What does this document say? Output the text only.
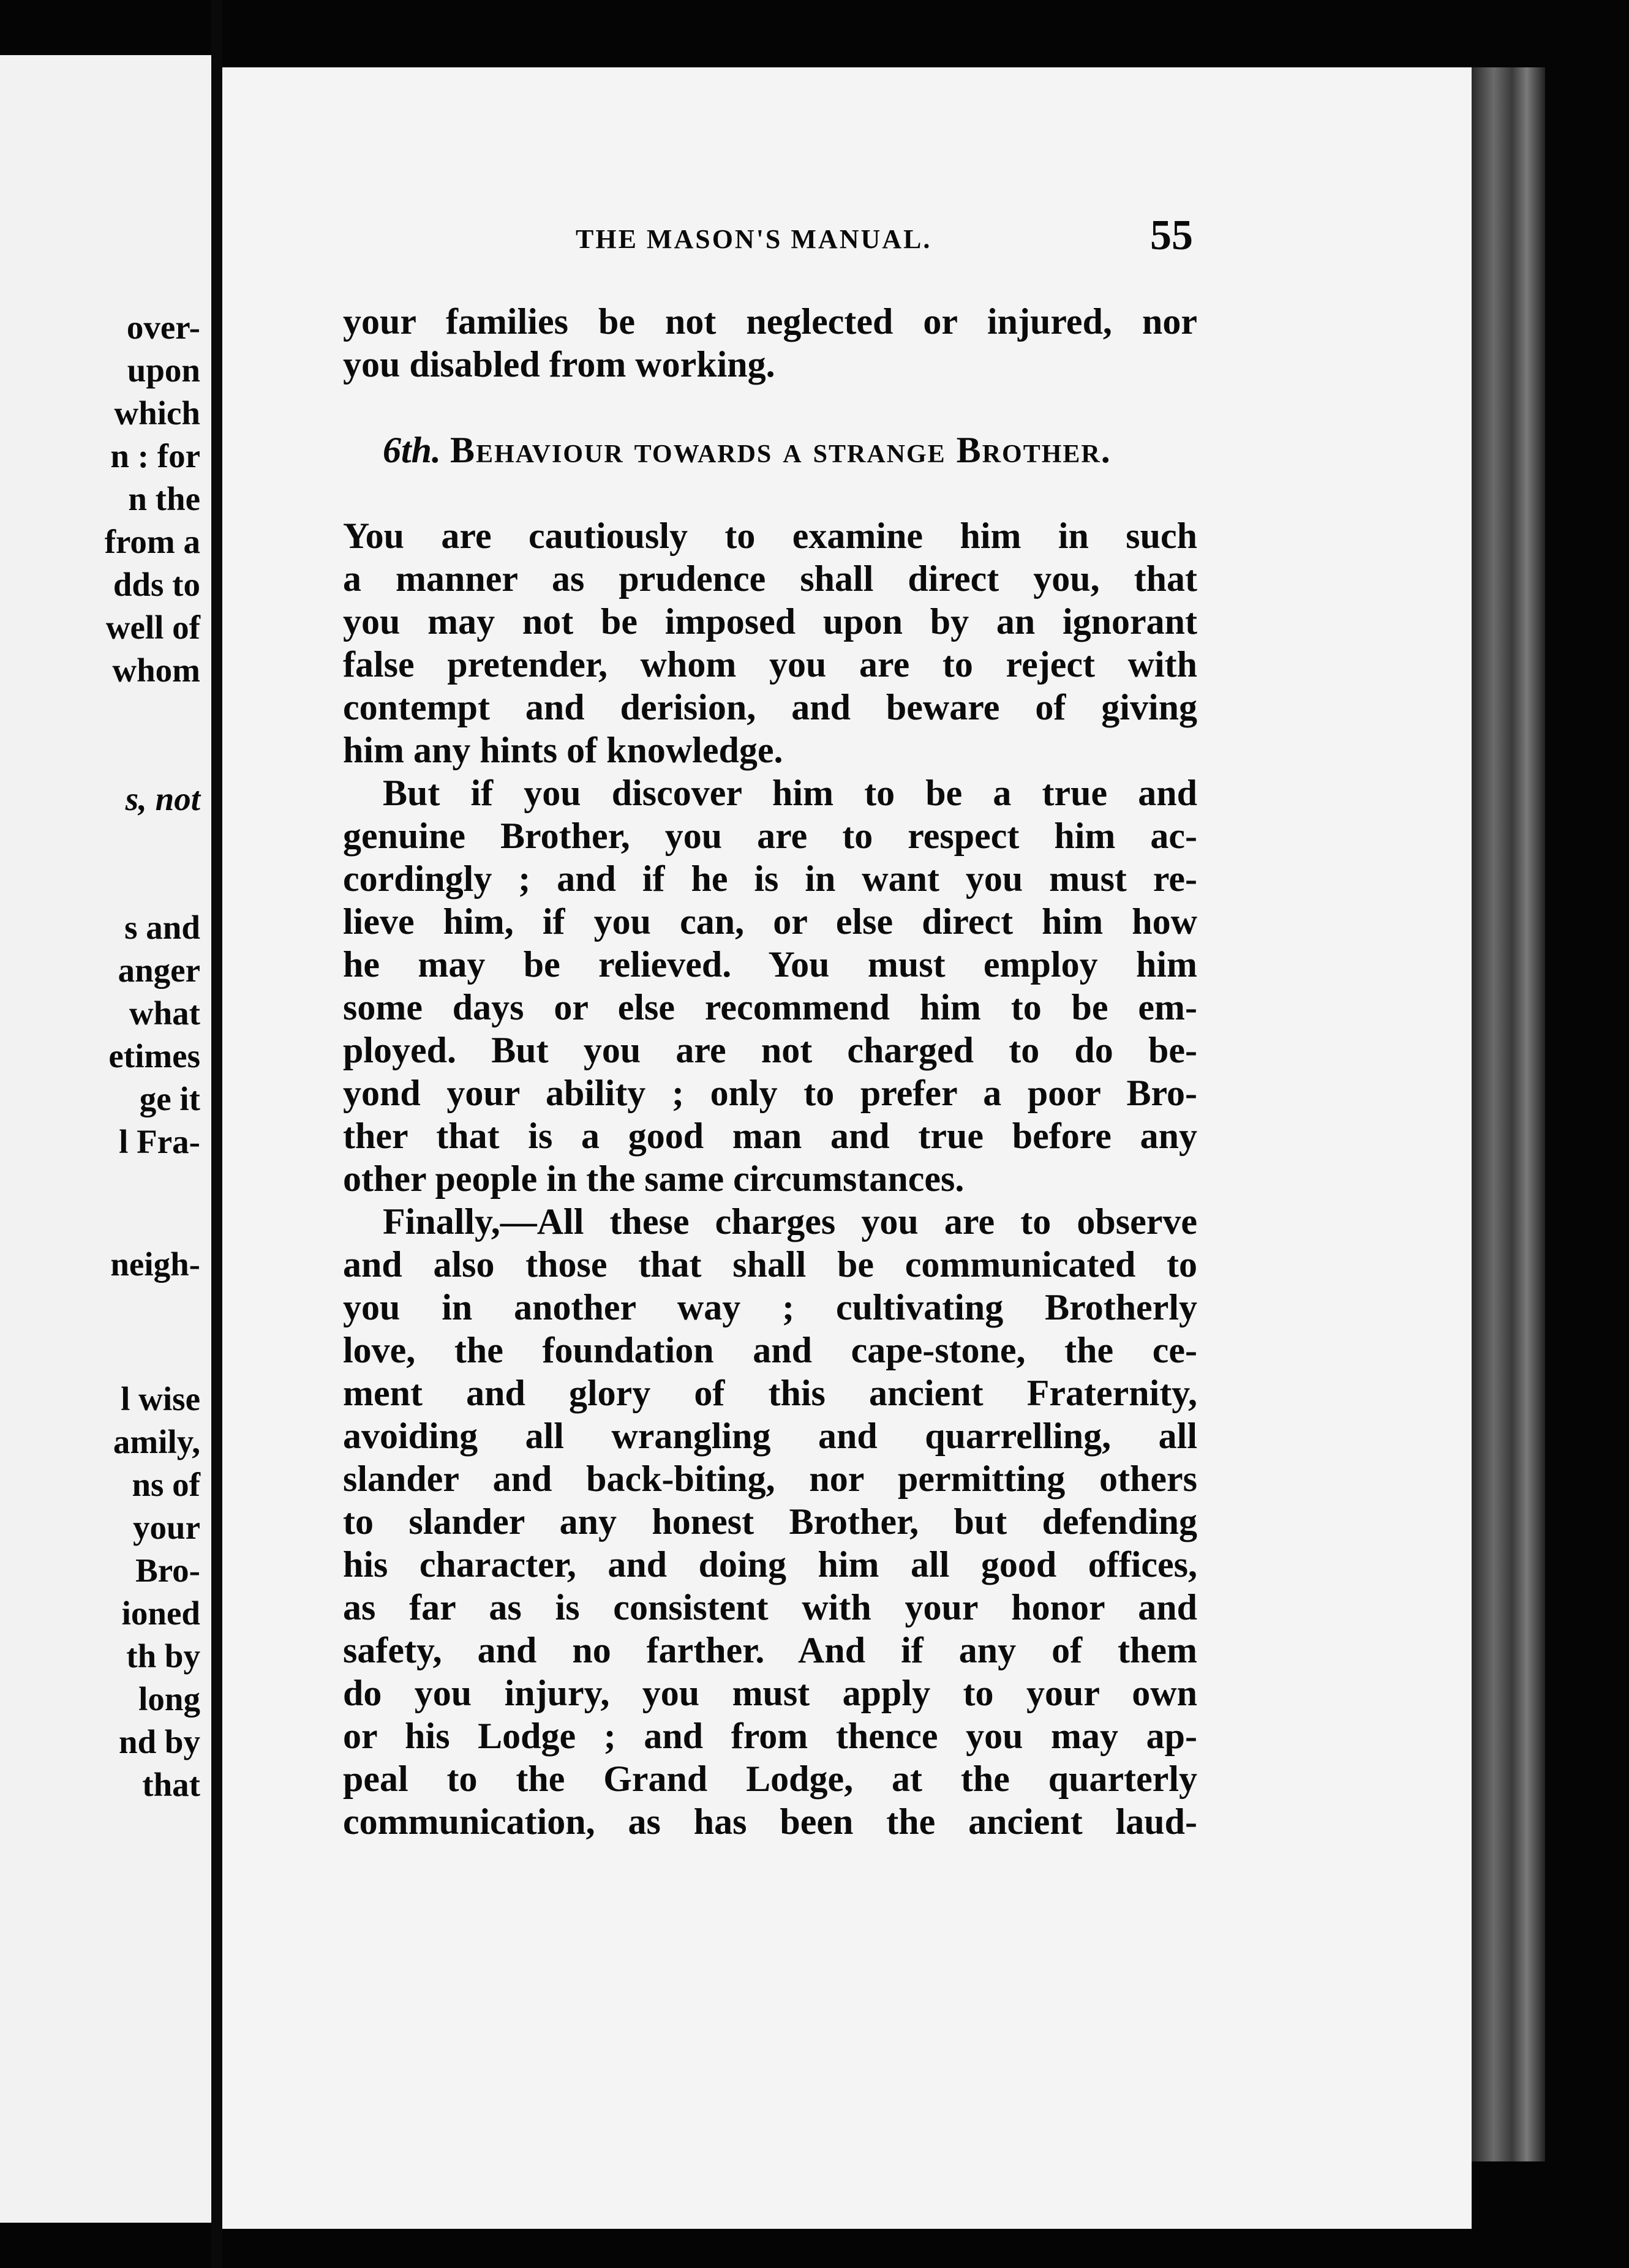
over-
upon
which
n : for
n the
from a
dds to
well of
whom
s, not
s and
anger
what
etimes
ge it
l Fra-
neigh-
l wise
amily,
ns of
your
Bro-
ioned
th by
long
nd by
that
THE MASON'S MANUAL.	55
your families be not neglected or injured, nor
you disabled from working.
6th. Behaviour towards a strange Brother.
You are cautiously to examine him in such
a manner as prudence shall direct you, that
you may not be imposed upon by an ignorant
false pretender, whom you are to reject with
contempt and derision, and beware of giving
him any hints of knowledge.
But if you discover him to be a true and
genuine Brother, you are to respect him ac-
cordingly ; and if he is in want you must re-
lieve him, if you can, or else direct him how
he may be relieved. You must employ him
some days or else recommend him to be em-
ployed. But you are not charged to do be-
yond your ability ; only to prefer a poor Bro-
ther that is a good man and true before any
other people in the same circumstances.
Finally,—All these charges you are to observe
and also those that shall be communicated to
you in another way ; cultivating Brotherly
love, the foundation and cape-stone, the ce-
ment and glory of this ancient Fraternity,
avoiding all wrangling and quarrelling, all
slander and back-biting, nor permitting others
to slander any honest Brother, but defending
his character, and doing him all good offices,
as far as is consistent with your honor and
safety, and no farther. And if any of them
do you injury, you must apply to your own
or his Lodge ; and from thence you may ap-
peal to the Grand Lodge, at the quarterly
communication, as has been the ancient laud-
